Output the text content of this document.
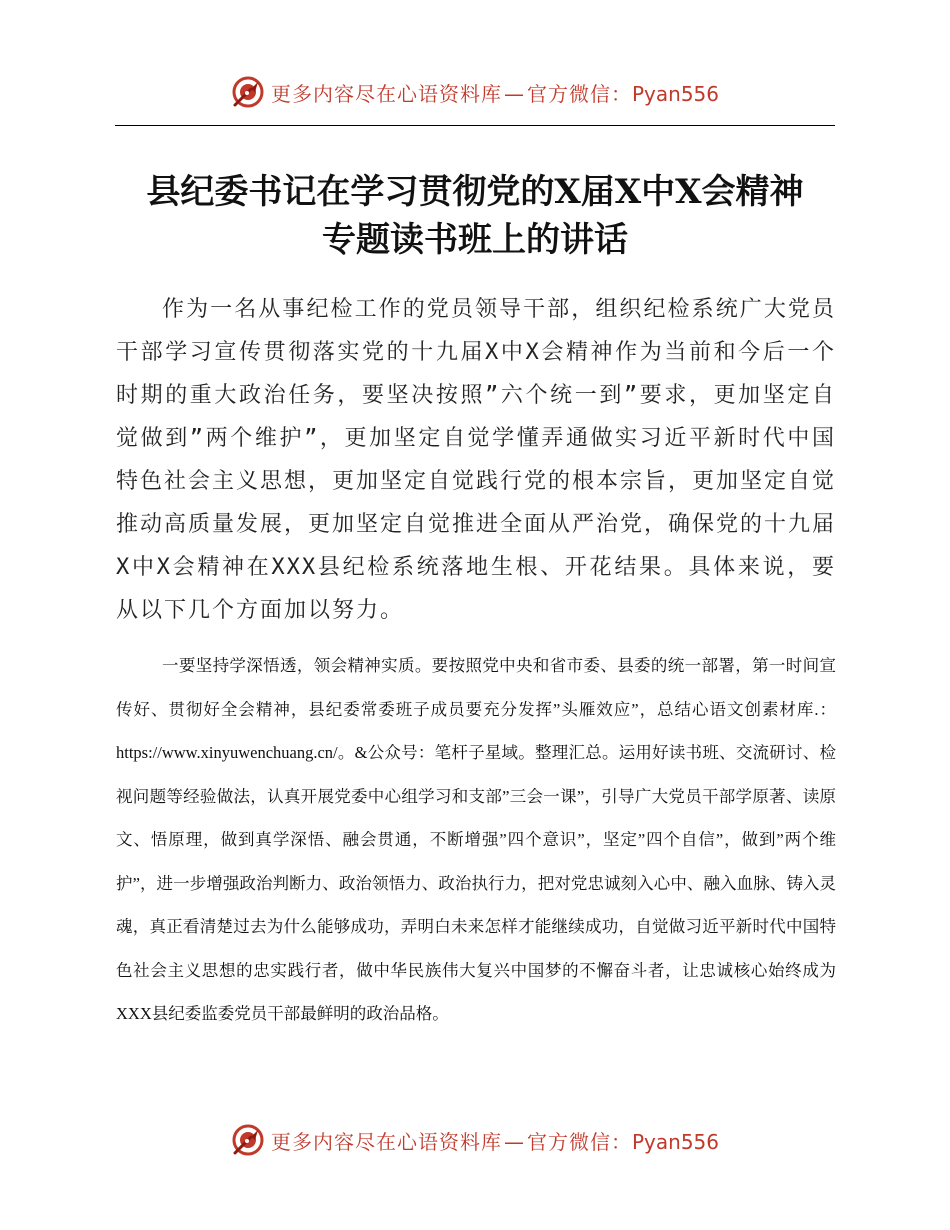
更多内容尽在心语资料库 — 官方微信：Pyan556
县纪委书记在学习贯彻党的X届X中X会精神
专题读书班上的讲话
作为一名从事纪检工作的党员领导干部，组织纪检系统广大党员干部学习宣传贯彻落实党的十九届X中X会精神作为当前和今后一个时期的重大政治任务，要坚决按照”六个统一到”要求，更加坚定自觉做到”两个维护”，更加坚定自觉学懂弄通做实习近平新时代中国特色社会主义思想，更加坚定自觉践行党的根本宗旨，更加坚定自觉推动高质量发展，更加坚定自觉推进全面从严治党，确保党的十九届X中X会精神在XXX县纪检系统落地生根、开花结果。具体来说，要从以下几个方面加以努力。
一要坚持学深悟透，领会精神实质。要按照党中央和省市委、县委的统一部署，第一时间宣传好、贯彻好全会精神，县纪委常委班子成员要充分发挥”头雁效应”，总结心语文创素材库.：https://www.xinyuwenchuang.cn/。&公众号：笔杆子星域。整理汇总。运用好读书班、交流研讨、检视问题等经验做法，认真开展党委中心组学习和支部”三会一课”，引导广大党员干部学原著、读原文、悟原理，做到真学深悟、融会贯通，不断增强”四个意识”，坚定”四个自信”，做到”两个维护”，进一步增强政治判断力、政治领悟力、政治执行力，把对党忠诚刻入心中、融入血脉、铸入灵魂，真正看清楚过去为什么能够成功，弄明白未来怎样才能继续成功，自觉做习近平新时代中国特色社会主义思想的忠实践行者，做中华民族伟大复兴中国梦的不懈奋斗者，让忠诚核心始终成为XXX县纪委监委党员干部最鲜明的政治品格。
更多内容尽在心语资料库 — 官方微信：Pyan556
